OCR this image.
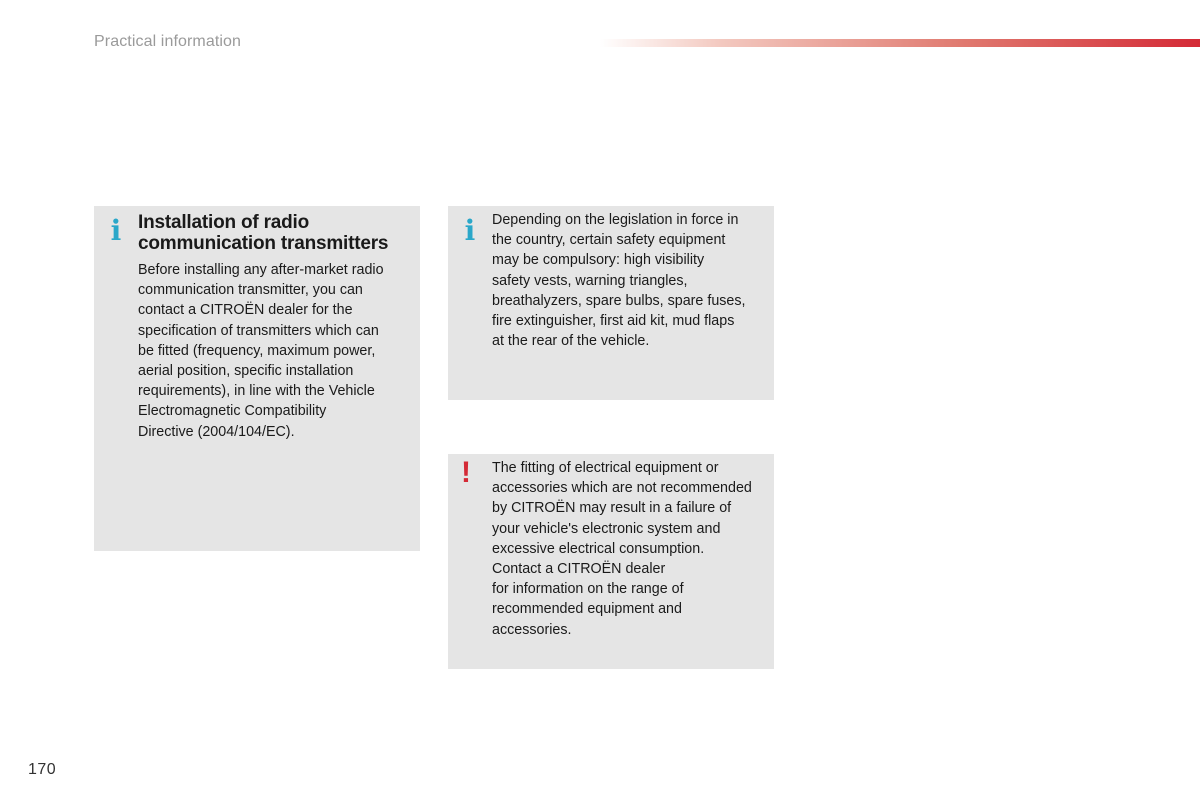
Practical information
i Installation of radio communication transmitters
Before installing any after-market radio
communication transmitter, you can
contact a CITROËN dealer for the
specification of transmitters which can
be fitted (frequency, maximum power,
aerial position, specific installation
requirements), in line with the Vehicle
Electromagnetic Compatibility
Directive (2004/104/EC).
i Depending on the legislation in force in
the country, certain safety equipment
may be compulsory: high visibility
safety vests, warning triangles,
breathalyzers, spare bulbs, spare fuses,
fire extinguisher, first aid kit, mud flaps
at the rear of the vehicle.
! The fitting of electrical equipment or
accessories which are not recommended
by CITROËN may result in a failure of
your vehicle's electronic system and
excessive electrical consumption.
Contact a CITROËN dealer
for information on the range of
recommended equipment and
accessories.
170
